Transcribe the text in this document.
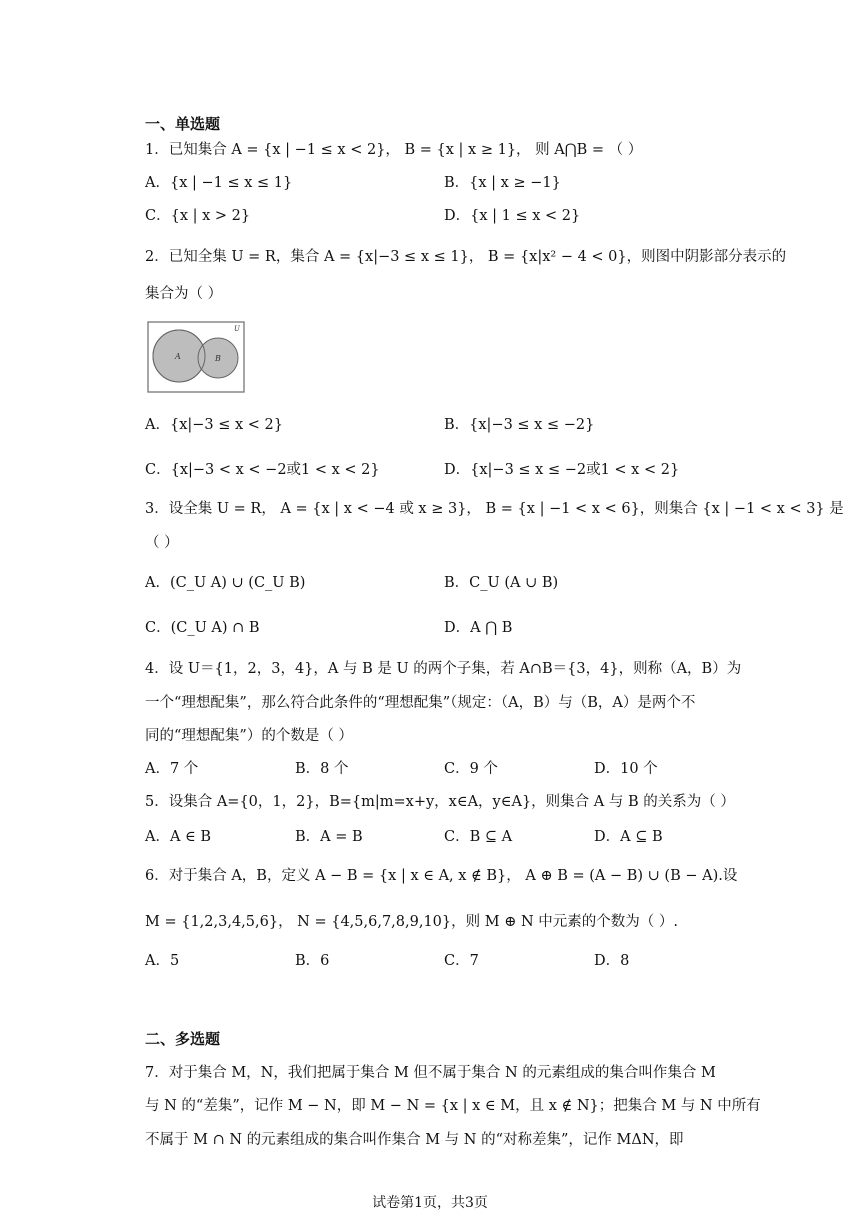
一、单选题
1．已知集合 A = {x | −1 ≤ x < 2}， B = {x | x ≥ 1}， 则 A⋂B = （ ）
A．{x | −1 ≤ x ≤ 1}	B．{x | x ≥ −1}
C．{x | x > 2}	D．{x | 1 ≤ x < 2}
2．已知全集 U = R，集合 A = {x|−3 ≤ x ≤ 1}， B = {x|x² − 4 < 0}，则图中阴影部分表示的
集合为（ ）
A	B
U
A．{x|−3 ≤ x < 2}	B．{x|−3 ≤ x ≤ −2}
C．{x|−3 < x < −2或1 < x < 2}	D．{x|−3 ≤ x ≤ −2或1 < x < 2}
3．设全集 U = R， A = {x | x < −4 或 x ≥ 3}， B = {x | −1 < x < 6}，则集合 {x | −1 < x < 3} 是
（ ）
A．(C_U A) ∪ (C_U B)	B．C_U (A ∪ B)
C．(C_U A) ∩ B	D．A ⋂ B
4．设 U＝{1，2，3，4}，A 与 B 是 U 的两个子集，若 A∩B＝{3，4}，则称（A，B）为
一个“理想配集”，那么符合此条件的“理想配集”（规定：（A，B）与（B，A）是两个不
同的“理想配集”）的个数是（ ）
A．7 个	B．8 个	C．9 个	D．10 个
5．设集合 A={0，1，2}，B={m|m=x+y，x∈A，y∈A}，则集合 A 与 B 的关系为（ ）
A．A ∈ B	B．A = B	C．B ⊆ A	D．A ⊆ B
6．对于集合 A，B，定义 A − B = {x | x ∈ A, x ∉ B}， A ⊕ B = (A − B) ∪ (B − A).设
M = {1,2,3,4,5,6}， N = {4,5,6,7,8,9,10}，则 M ⊕ N 中元素的个数为（ ）.
A．5	B．6	C．7	D．8
二、多选题
7．对于集合 M，N，我们把属于集合 M 但不属于集合 N 的元素组成的集合叫作集合 M
与 N 的“差集”，记作 M − N，即 M − N = {x | x ∈ M，且 x ∉ N}；把集合 M 与 N 中所有
不属于 M ∩ N 的元素组成的集合叫作集合 M 与 N 的“对称差集”，记作 MΔN，即
试卷第1页，共3页
